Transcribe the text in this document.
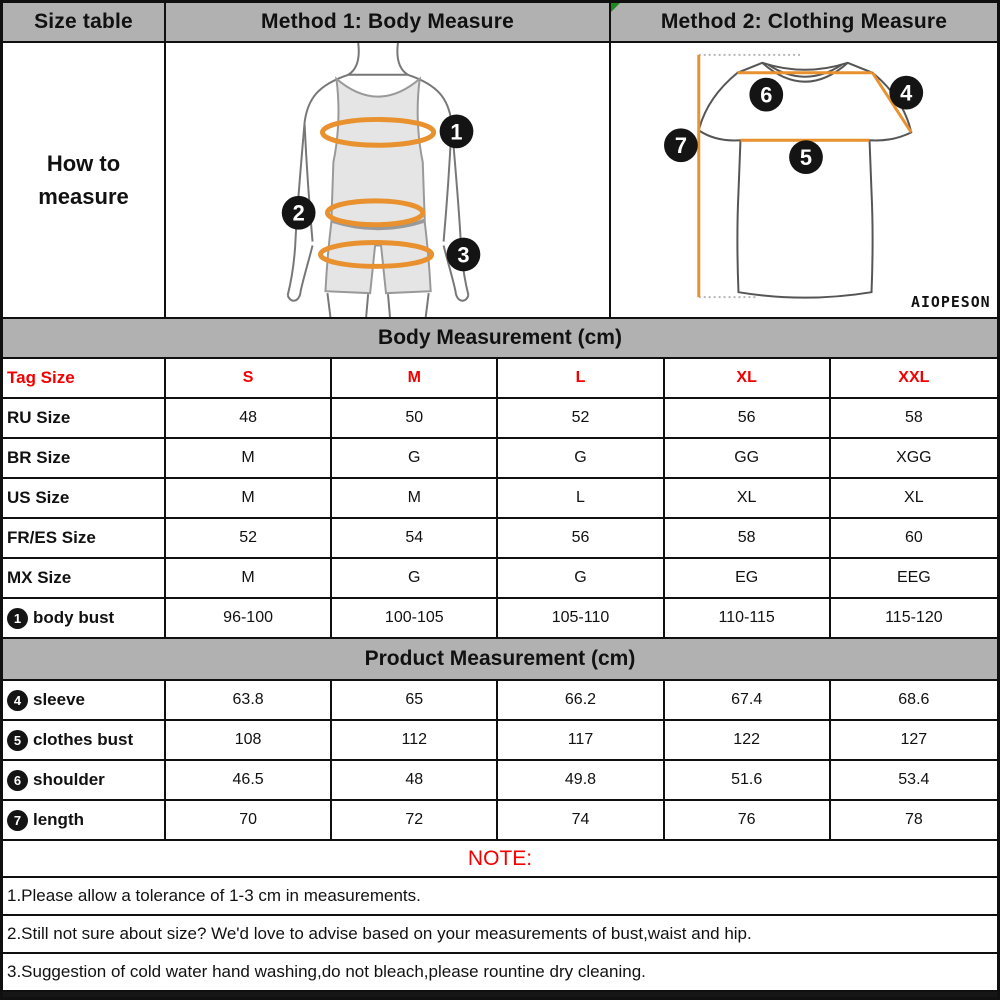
Size table	Method 1: Body Measure	Method 2: Clothing Measure
How to measure
1
2
3
6	4
7	5
AIOPESON
Body Measurement (cm)
Tag Size	S	M	L	XL	XXL
RU Size	48	50	52	56	58
BR Size	M	G	G	GG	XGG
US Size	M	M	L	XL	XL
FR/ES Size	52	54	56	58	60
MX Size	M	G	G	EG	EEG
1 body bust	96-100	100-105	105-110	110-115	115-120
Product Measurement (cm)
4 sleeve	63.8	65	66.2	67.4	68.6
5 clothes bust	108	112	117	122	127
6 shoulder	46.5	48	49.8	51.6	53.4
7 length	70	72	74	76	78
NOTE:
1.Please allow a tolerance of 1-3 cm in measurements.
2.Still not sure about size? We'd love to advise based on your measurements of bust,waist and hip.
3.Suggestion of cold water hand washing,do not bleach,please rountine dry cleaning.
